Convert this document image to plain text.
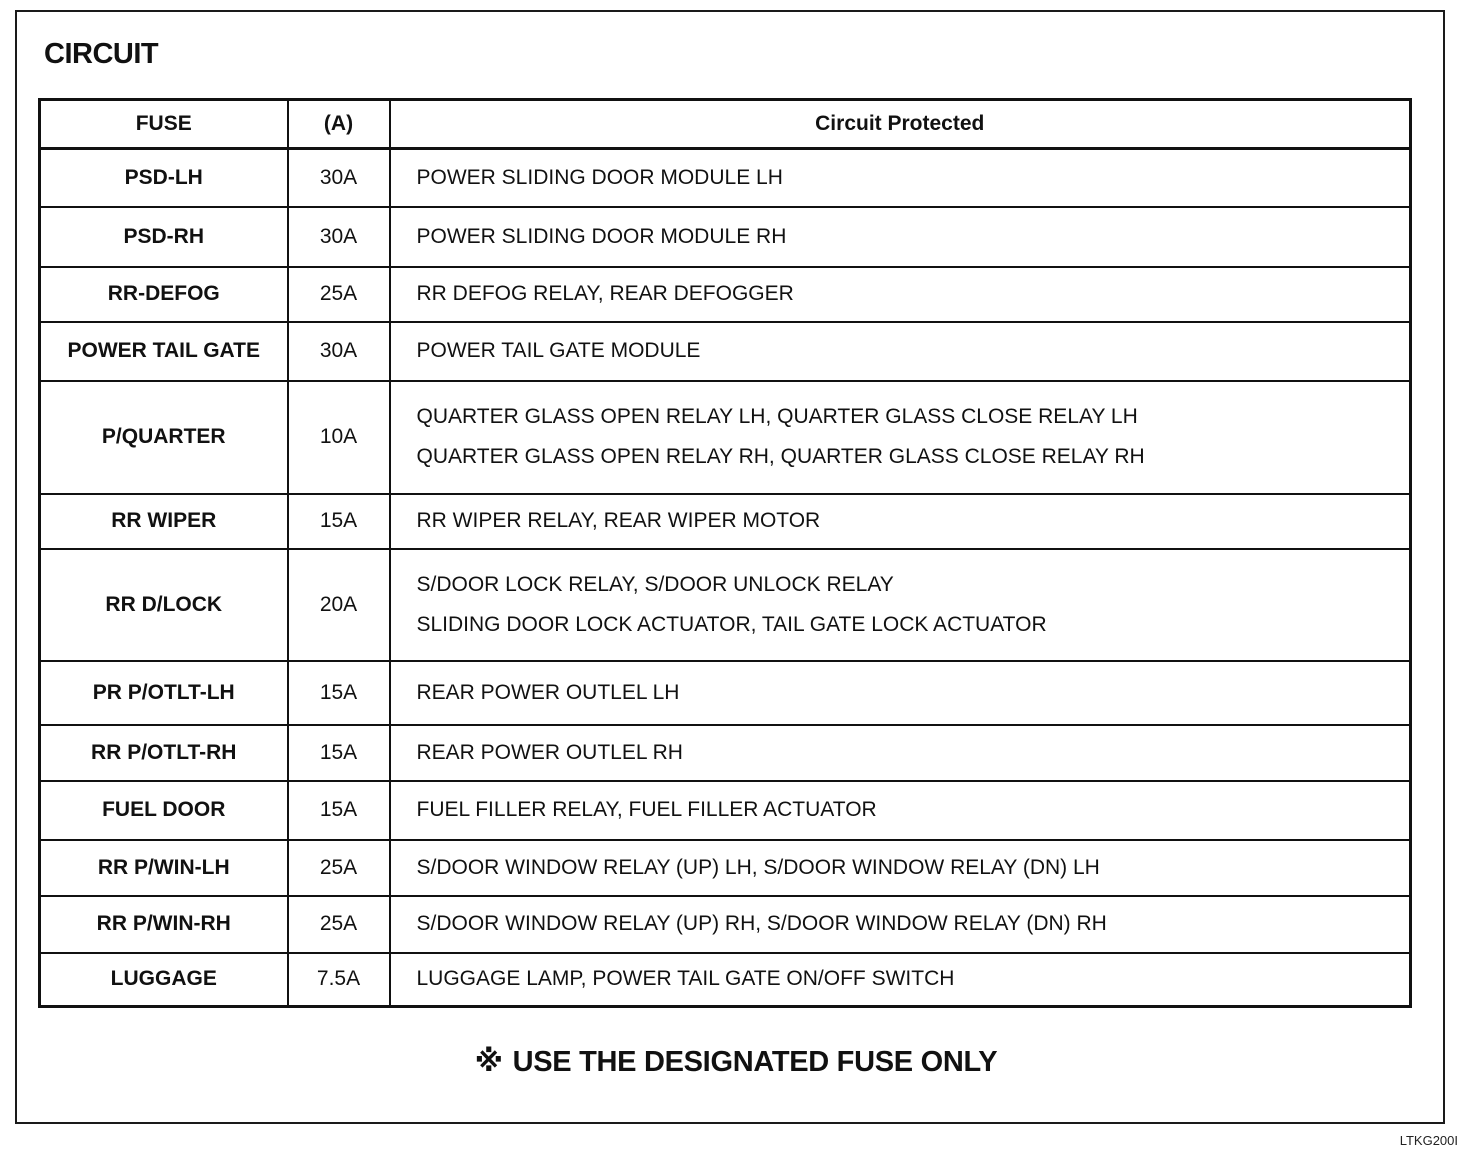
CIRCUIT
FUSE	(A)	Circuit Protected
PSD-LH	30A	POWER SLIDING DOOR MODULE LH

PSD-RH	30A	POWER SLIDING DOOR MODULE RH

RR-DEFOG	25A	RR DEFOG RELAY, REAR DEFOGGER

POWER TAIL GATE	30A	POWER TAIL GATE MODULE

P/QUARTER	10A	QUARTER GLASS OPEN RELAY LH, QUARTER GLASS CLOSE RELAY LH
QUARTER GLASS OPEN RELAY RH, QUARTER GLASS CLOSE RELAY RH

RR WIPER	15A	RR WIPER RELAY, REAR WIPER MOTOR

RR D/LOCK	20A	S/DOOR LOCK RELAY, S/DOOR UNLOCK RELAY
SLIDING DOOR LOCK ACTUATOR, TAIL GATE LOCK ACTUATOR

PR P/OTLT-LH	15A	REAR POWER OUTLEL LH

RR P/OTLT-RH	15A	REAR POWER OUTLEL RH

FUEL DOOR	15A	FUEL FILLER RELAY, FUEL FILLER ACTUATOR

RR P/WIN-LH	25A	S/DOOR WINDOW RELAY (UP) LH, S/DOOR WINDOW RELAY (DN) LH

RR P/WIN-RH	25A	S/DOOR WINDOW RELAY (UP) RH, S/DOOR WINDOW RELAY (DN) RH

LUGGAGE	7.5A	LUGGAGE LAMP, POWER TAIL GATE ON/OFF SWITCH
※ USE THE DESIGNATED FUSE ONLY
LTKG200I
